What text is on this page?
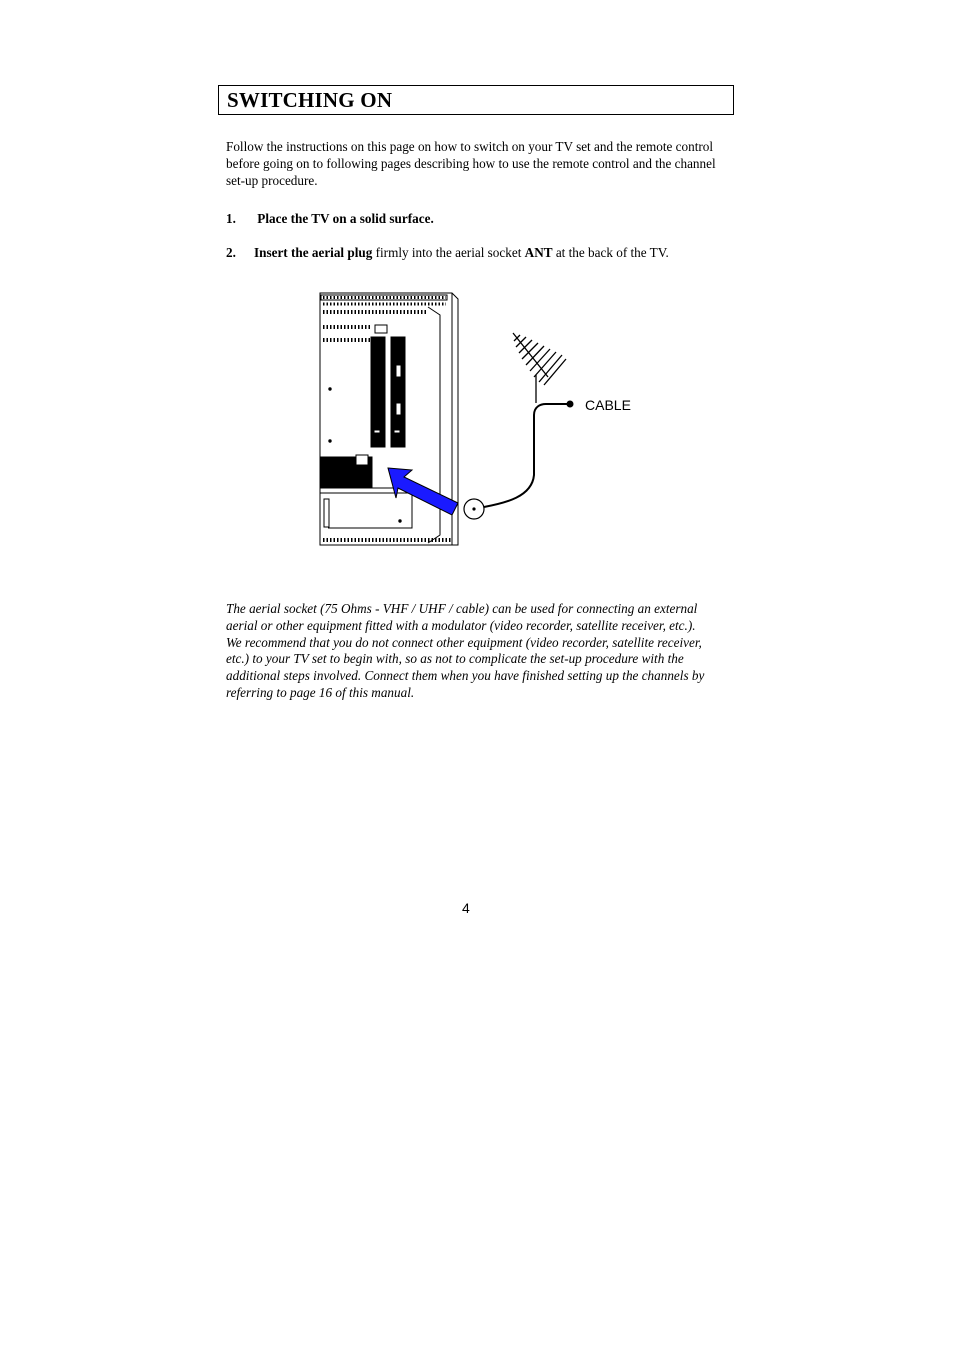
SWITCHING ON
Follow the instructions on this page on how to switch on your TV set and the remote control before going on to following pages describing how to use the remote control and the channel set-up procedure.
1. Place the TV on a solid surface.
2. Insert the aerial plug firmly into the aerial socket ANT at the back of the TV.
CABLE
The aerial socket (75 Ohms - VHF / UHF / cable) can be used for connecting an external aerial or other equipment fitted with a modulator (video recorder, satellite receiver, etc.).
We recommend that you do not connect other equipment (video recorder, satellite receiver, etc.) to your TV set to begin with, so as not to complicate the set-up procedure with the additional steps involved. Connect them when you have finished setting up the channels by referring to page 16 of this manual.
4
